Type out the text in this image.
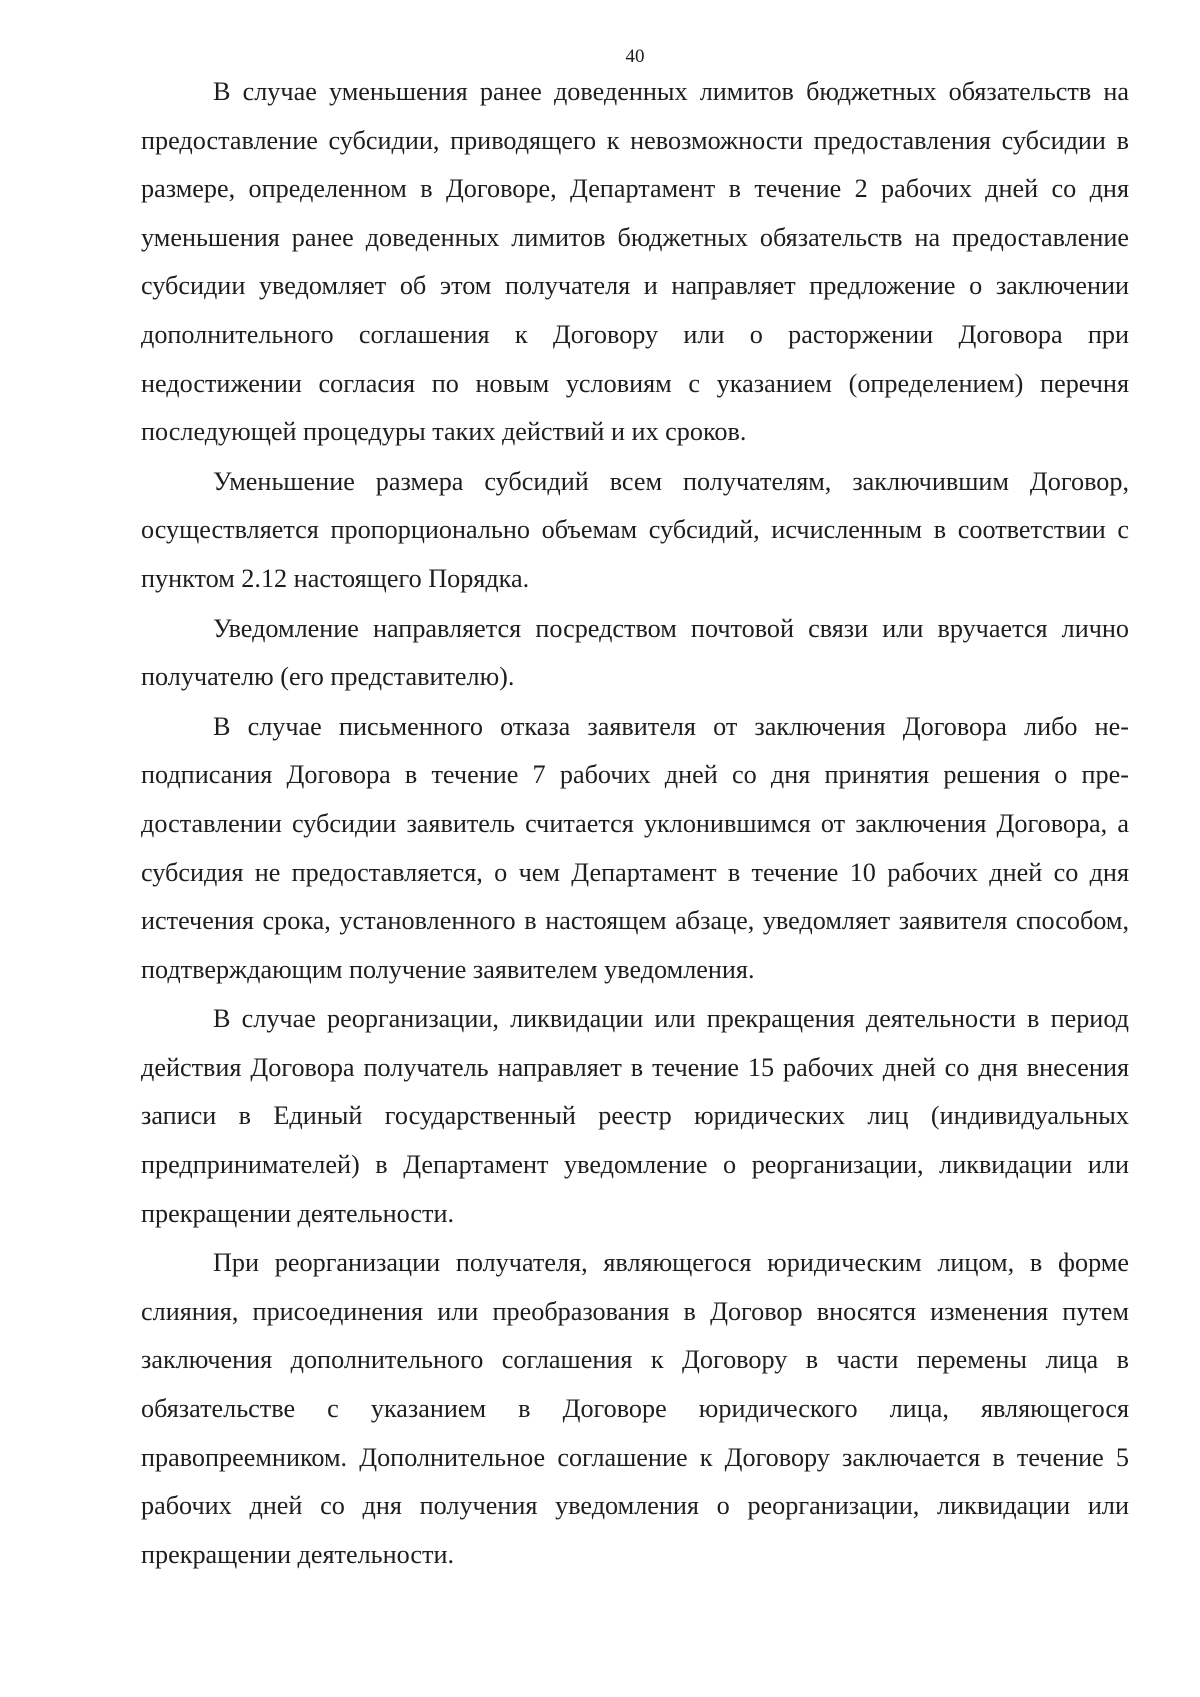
40

В случае уменьшения ранее доведенных лимитов бюджетных обязательств на предоставление субсидии, приводящего к невозможности предоставления субсидии в размере, определенном в Договоре, Департамент в течение 2 рабочих дней со дня уменьшения ранее доведенных лимитов бюджетных обязательств на предоставление субсидии уведомляет об этом получателя и направляет предложение о заключении дополнительного соглашения к Договору или о расторжении Договора при недостижении согласия по новым условиям с указанием (определением) перечня последующей процедуры таких действий и их сроков.

Уменьшение размера субсидий всем получателям, заключившим Договор, осуществляется пропорционально объемам субсидий, исчисленным в соответствии с пунктом 2.12 настоящего Порядка.

Уведомление направляется посредством почтовой связи или вручается лично получателю (его представителю).

В случае письменного отказа заявителя от заключения Договора либо неподписания Договора в течение 7 рабочих дней со дня принятия решения о предоставлении субсидии заявитель считается уклонившимся от заключения Договора, а субсидия не предоставляется, о чем Департамент в течение 10 рабочих дней со дня истечения срока, установленного в настоящем абзаце, уведомляет заявителя способом, подтверждающим получение заявителем уведомления.

В случае реорганизации, ликвидации или прекращения деятельности в период действия Договора получатель направляет в течение 15 рабочих дней со дня внесения записи в Единый государственный реестр юридических лиц (индивидуальных предпринимателей) в Департамент уведомление о реорганизации, ликвидации или прекращении деятельности.

При реорганизации получателя, являющегося юридическим лицом, в форме слияния, присоединения или преобразования в Договор вносятся изменения путем заключения дополнительного соглашения к Договору в части перемены лица в обязательстве с указанием в Договоре юридического лица, являющегося правопреемником. Дополнительное соглашение к Договору заключается в течение 5 рабочих дней со дня получения уведомления о реорганизации, ликвидации или прекращении деятельности.
